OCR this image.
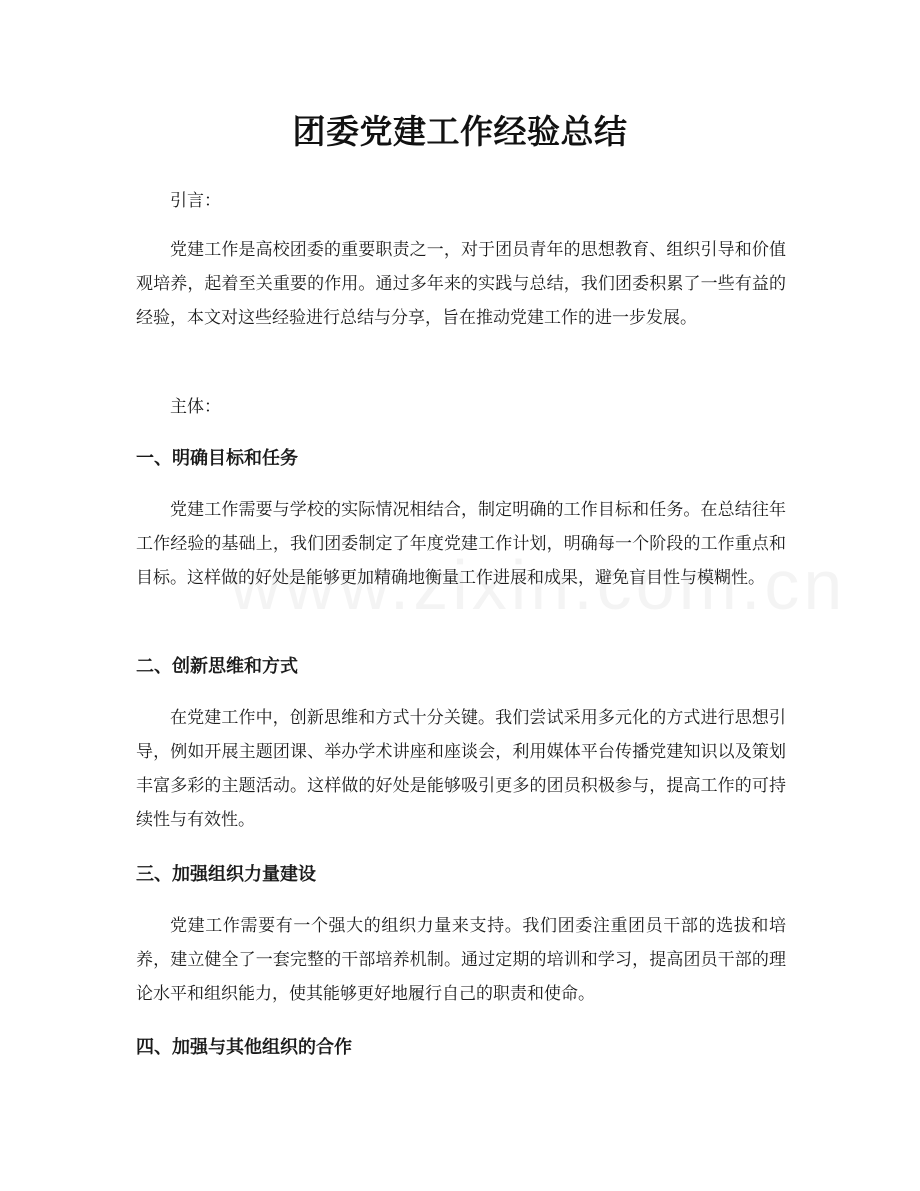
团委党建工作经验总结

引言：

党建工作是高校团委的重要职责之一，对于团员青年的思想教育、组织引导和价值观培养，起着至关重要的作用。通过多年来的实践与总结，我们团委积累了一些有益的经验，本文对这些经验进行总结与分享，旨在推动党建工作的进一步发展。

主体：

一、明确目标和任务

党建工作需要与学校的实际情况相结合，制定明确的工作目标和任务。在总结往年工作经验的基础上，我们团委制定了年度党建工作计划，明确每一个阶段的工作重点和目标。这样做的好处是能够更加精确地衡量工作进展和成果，避免盲目性与模糊性。

二、创新思维和方式

在党建工作中，创新思维和方式十分关键。我们尝试采用多元化的方式进行思想引导，例如开展主题团课、举办学术讲座和座谈会，利用媒体平台传播党建知识以及策划丰富多彩的主题活动。这样做的好处是能够吸引更多的团员积极参与，提高工作的可持续性与有效性。

三、加强组织力量建设

党建工作需要有一个强大的组织力量来支持。我们团委注重团员干部的选拔和培养，建立健全了一套完整的干部培养机制。通过定期的培训和学习，提高团员干部的理论水平和组织能力，使其能够更好地履行自己的职责和使命。

四、加强与其他组织的合作
